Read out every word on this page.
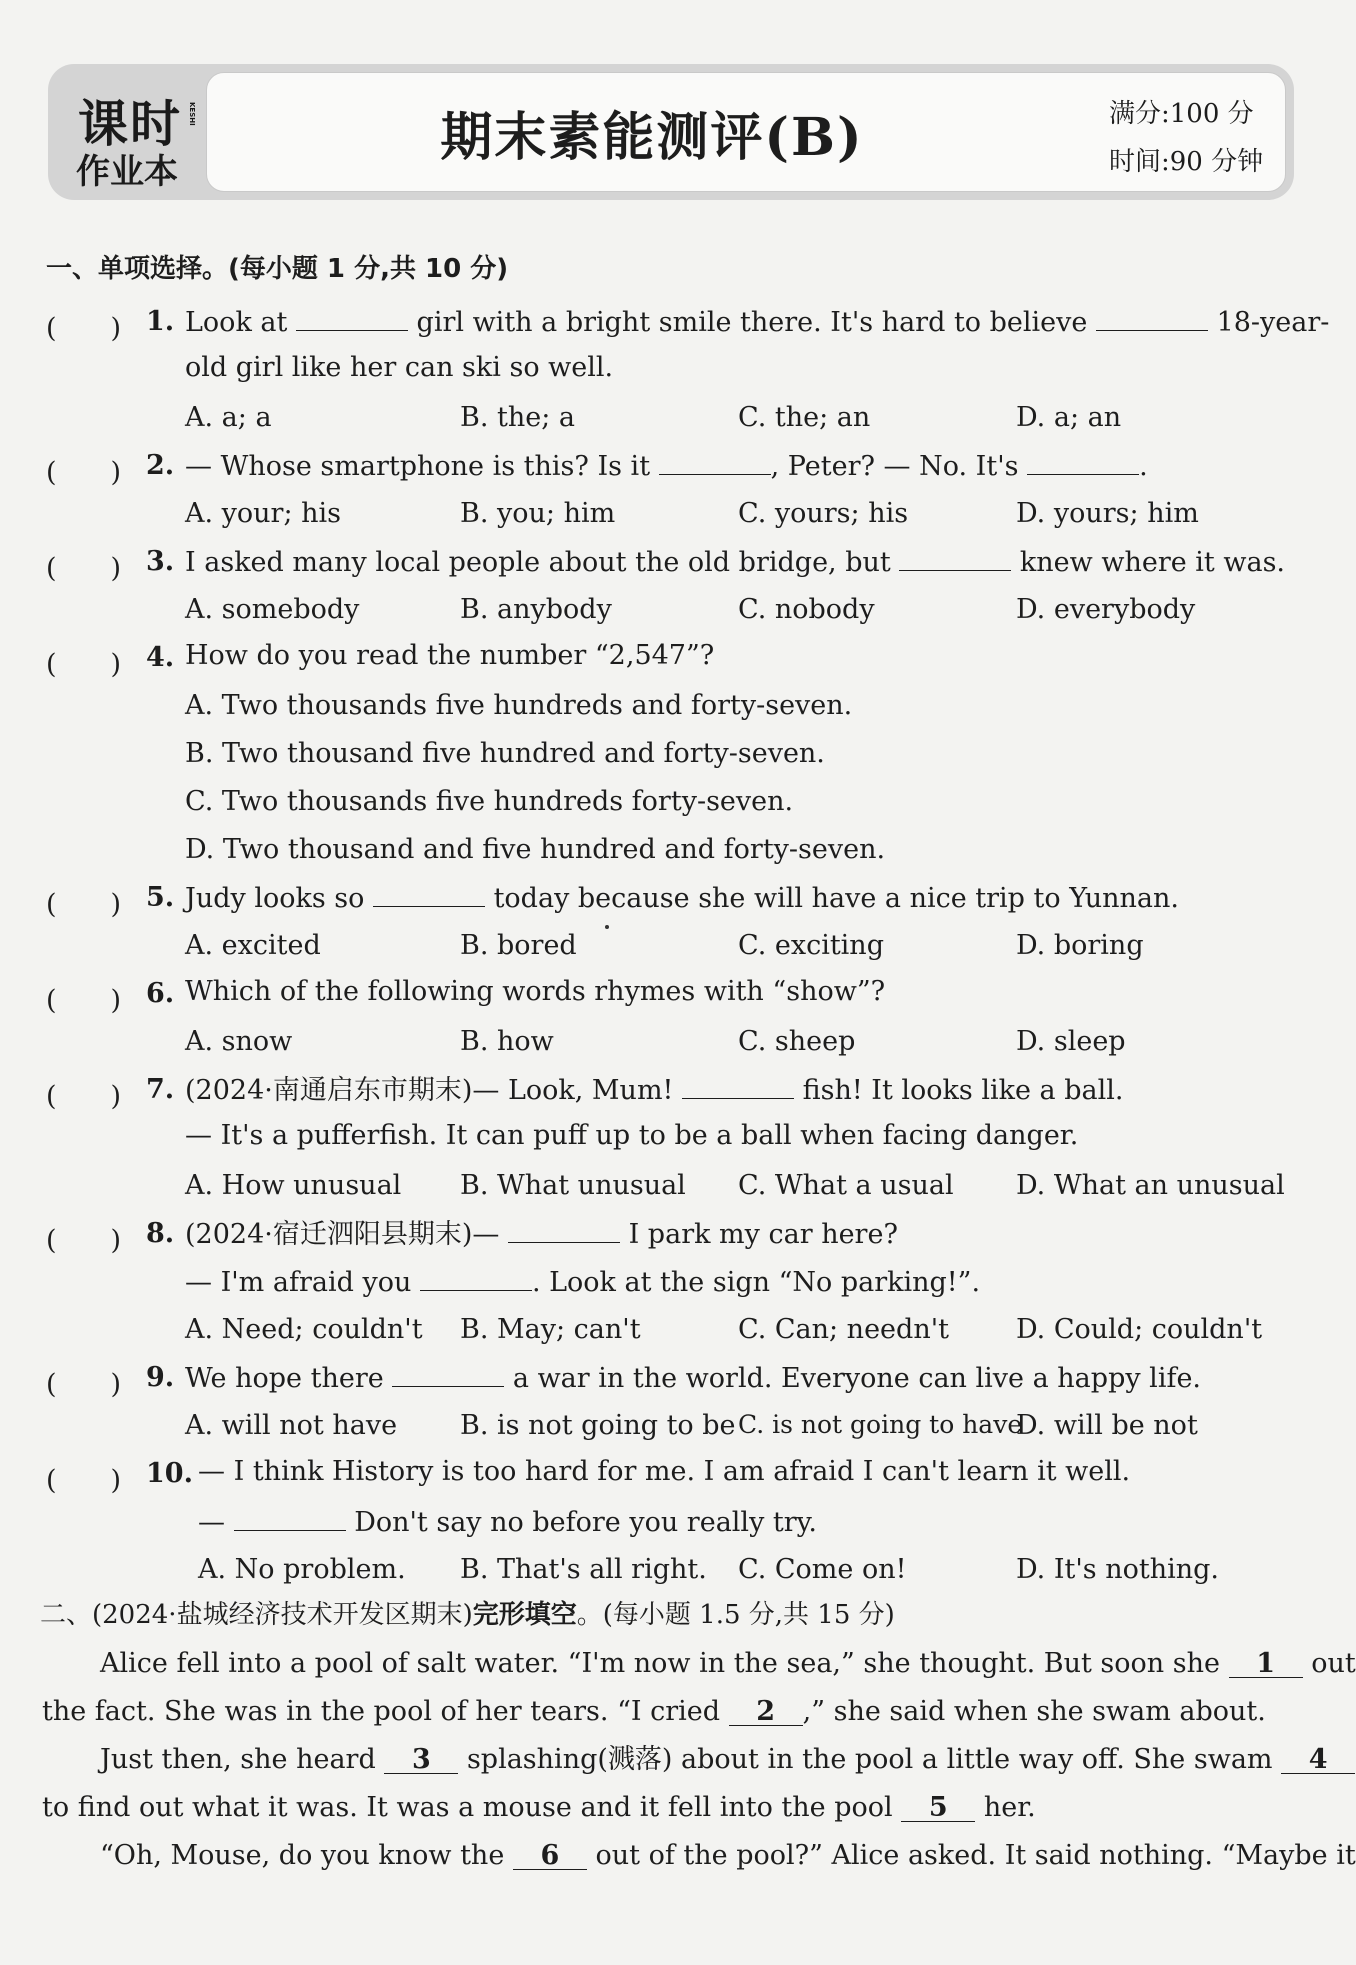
课时 KESHI
作业本
期末素能测评(B)	满分:100 分
时间:90 分钟
一、单项选择。(每小题 1 分,共 10 分)
(　　) 1. Look at	girl with a bright smile there. It's hard to believe	18-year-
old girl like her can ski so well.
A. a; a	B. the; a	C. the; an	D. a; an
(　　) 2. — Whose smartphone is this? Is it	, Peter? — No. It's	.
A. your; his	B. you; him	C. yours; his	D. yours; him
(　　) 3. I asked many local people about the old bridge, but	knew where it was.
A. somebody	B. anybody	C. nobody	D. everybody
(　　) 4. How do you read the number “2,547”?
A. Two thousands five hundreds and forty-seven.
B. Two thousand five hundred and forty-seven.
C. Two thousands five hundreds forty-seven.
D. Two thousand and five hundred and forty-seven.
(　　) 5. Judy looks so	today because she will have a nice trip to Yunnan.
A. excited	B. bored	C. exciting	D. boring
(　　) 6. Which of the following words rhymes with “show”?
A. snow	B. how	C. sheep	D. sleep
(　　) 7. (2024·南通启东市期末)— Look, Mum!	fish! It looks like a ball.
— It's a pufferfish. It can puff up to be a ball when facing danger.
A. How unusual B. What unusual C. What a usual D. What an unusual
(　　) 8. (2024·宿迁泗阳县期末)—	I park my car here?
— I'm afraid you	. Look at the sign “No parking!”.
A. Need; couldn't B. May; can't	C. Can; needn't D. Could; couldn't
(　　) 9. We hope there	a war in the world. Everyone can live a happy life.
A. will not have B. is not going to be C. is not going to have
D. will be not
(　　) 10. — I think History is too hard for me. I am afraid I can't learn it well.
—	Don't say no before you really try.
A. No problem. B. That's all right. C. Come on!	D. It's nothing.
二、(2024·盐城经济技术开发区期末)完形填空。(每小题 1.5 分,共 15 分)
Alice fell into a pool of salt water. “I'm now in the sea,” she thought. But soon she 1 out
the fact. She was in the pool of her tears. “I cried 2 ,” she said when she swam about.
Just then, she heard 3 splashing(溅落) about in the pool a little way off. She swam 4
to find out what it was. It was a mouse and it fell into the pool 5 her.
“Oh, Mouse, do you know the 6 out of the pool?” Alice asked. It said nothing. “Maybe it
